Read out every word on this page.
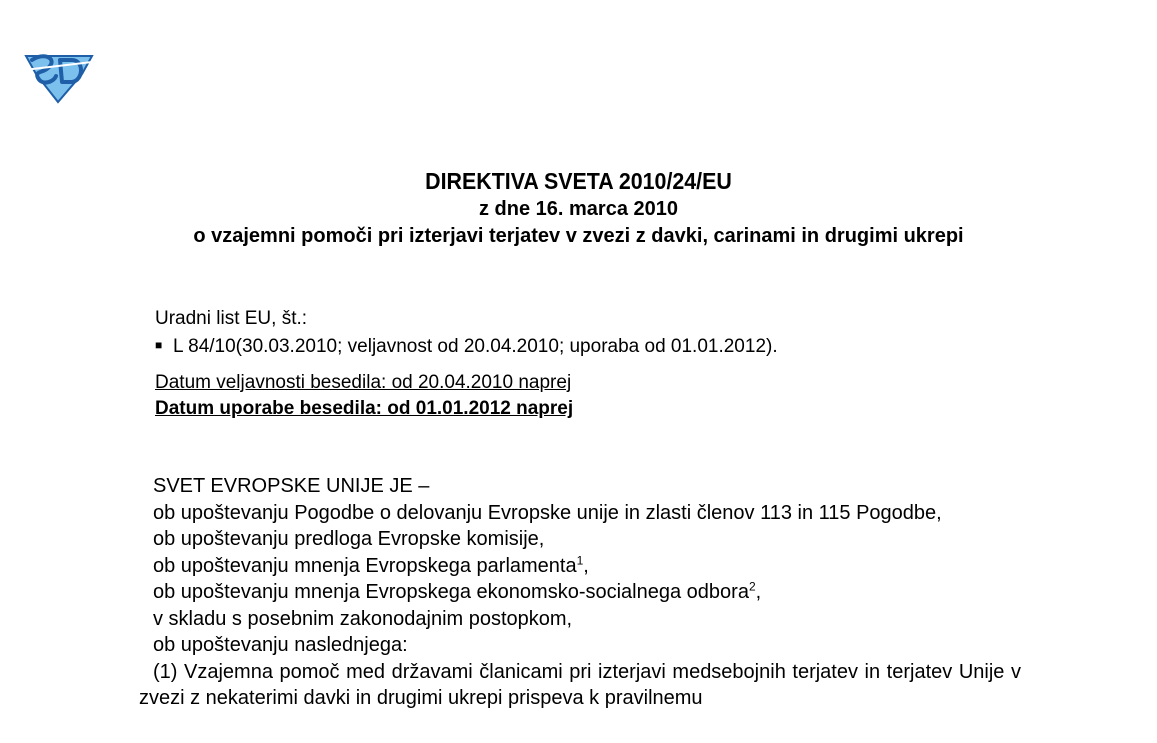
DIREKTIVA SVETA 2010/24/EU
z dne 16. marca 2010
o vzajemni pomoči pri izterjavi terjatev v zvezi z davki, carinami in drugimi ukrepi
Uradni list EU, št.:
■ L 84/10(30.03.2010; veljavnost od 20.04.2010; uporaba od 01.01.2012).
Datum veljavnosti besedila: od 20.04.2010 naprej
Datum uporabe besedila: od 01.01.2012 naprej

SVET EVROPSKE UNIJE JE –

ob upoštevanju Pogodbe o delovanju Evropske unije in zlasti členov 113 in 115 Pogodbe,

ob upoštevanju predloga Evropske komisije,

ob upoštevanju mnenja Evropskega parlamenta$^1$,

ob upoštevanju mnenja Evropskega ekonomsko-socialnega odbora$^2$,

v skladu s posebnim zakonodajnim postopkom,

ob upoštevanju naslednjega:

(1) Vzajemna pomoč med državami članicami pri izterjavi medsebojnih terjatev in terjatev Unije v zvezi z nekaterimi davki in drugimi ukrepi prispeva k pravilnemu
